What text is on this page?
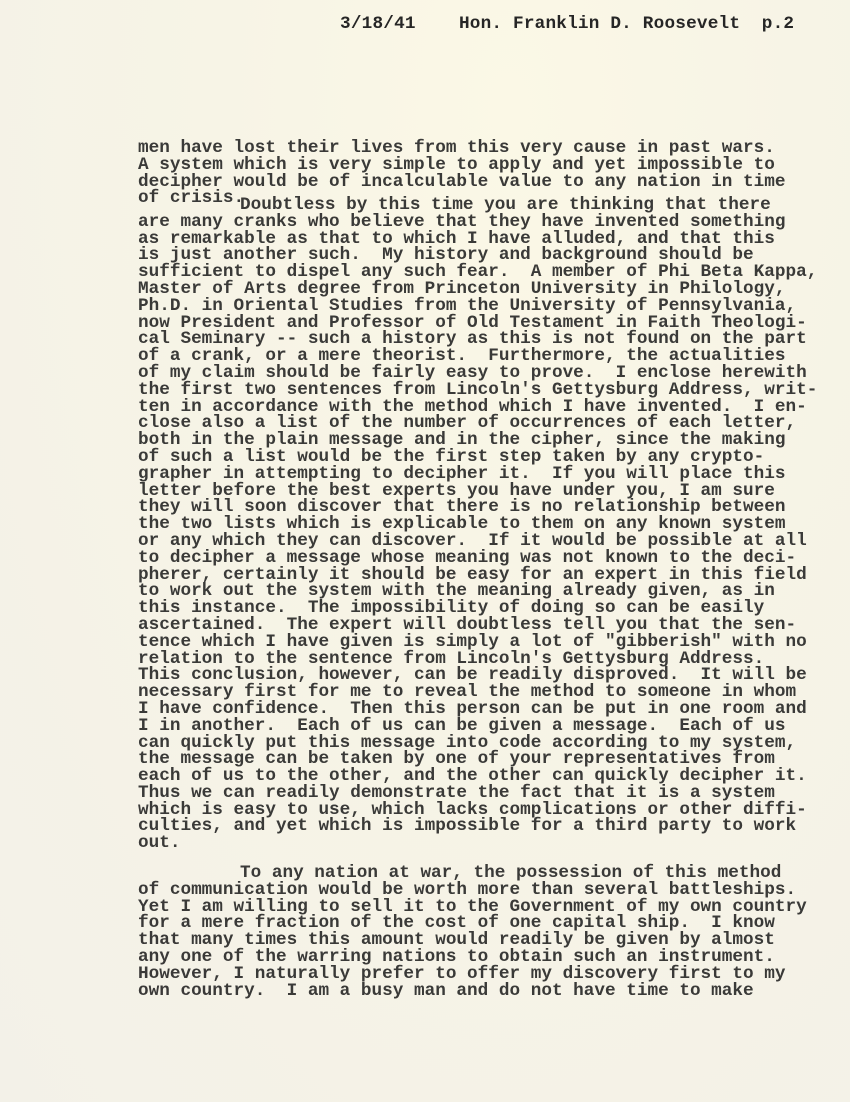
3/18/41 Hon. Franklin D. Roosevelt p.2
men have lost their lives from this very cause in past wars.
A system which is very simple to apply and yet impossible to
decipher would be of incalculable value to any nation in time
of crisis.
Doubtless by this time you are thinking that there
are many cranks who believe that they have invented something
as remarkable as that to which I have alluded, and that this
is just another such.  My history and background should be
sufficient to dispel any such fear.  A member of Phi Beta Kappa,
Master of Arts degree from Princeton University in Philology,
Ph.D. in Oriental Studies from the University of Pennsylvania,
now President and Professor of Old Testament in Faith Theologi-
cal Seminary -- such a history as this is not found on the part
of a crank, or a mere theorist.  Furthermore, the actualities
of my claim should be fairly easy to prove.  I enclose herewith
the first two sentences from Lincoln's Gettysburg Address, writ-
ten in accordance with the method which I have invented.  I en-
close also a list of the number of occurrences of each letter,
both in the plain message and in the cipher, since the making
of such a list would be the first step taken by any crypto-
grapher in attempting to decipher it.  If you will place this
letter before the best experts you have under you, I am sure
they will soon discover that there is no relationship between
the two lists which is explicable to them on any known system
or any which they can discover.  If it would be possible at all
to decipher a message whose meaning was not known to the deci-
pherer, certainly it should be easy for an expert in this field
to work out the system with the meaning already given, as in
this instance.  The impossibility of doing so can be easily
ascertained.  The expert will doubtless tell you that the sen-
tence which I have given is simply a lot of "gibberish" with no
relation to the sentence from Lincoln's Gettysburg Address.
This conclusion, however, can be readily disproved.  It will be
necessary first for me to reveal the method to someone in whom
I have confidence.  Then this person can be put in one room and
I in another.  Each of us can be given a message.  Each of us
can quickly put this message into code according to my system,
the message can be taken by one of your representatives from
each of us to the other, and the other can quickly decipher it.
Thus we can readily demonstrate the fact that it is a system
which is easy to use, which lacks complications or other diffi-
culties, and yet which is impossible for a third party to work
out.
To any nation at war, the possession of this method
of communication would be worth more than several battleships.
Yet I am willing to sell it to the Government of my own country
for a mere fraction of the cost of one capital ship.  I know
that many times this amount would readily be given by almost
any one of the warring nations to obtain such an instrument.
However, I naturally prefer to offer my discovery first to my
own country.  I am a busy man and do not have time to make
